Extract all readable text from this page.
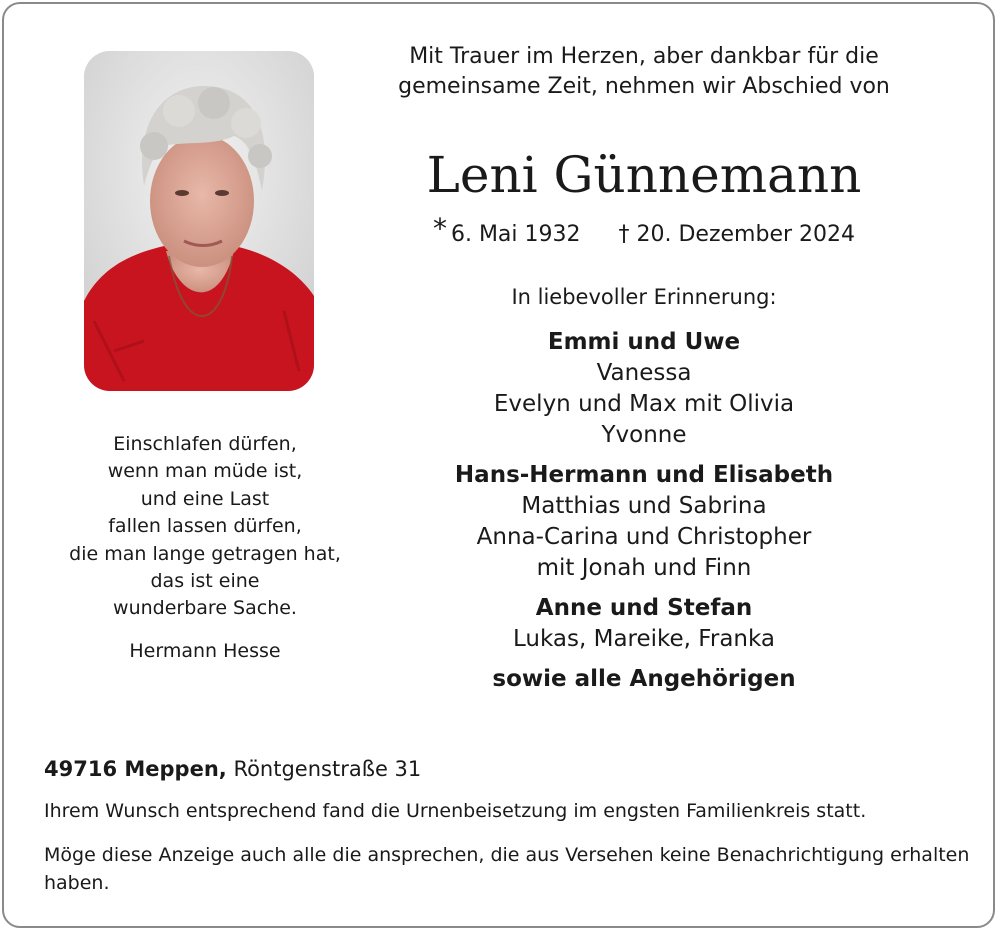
Mit Trauer im Herzen, aber dankbar für die
gemeinsame Zeit, nehmen wir Abschied von
Leni Günnemann
* 6. Mai 1932 † 20. Dezember 2024
In liebevoller Erinnerung:
Emmi und Uwe
Vanessa
Evelyn und Max mit Olivia
Yvonne
Hans-Hermann und Elisabeth
Matthias und Sabrina
Anna-Carina und Christopher
mit Jonah und Finn
Anne und Stefan
Lukas, Mareike, Franka
sowie alle Angehörigen
Einschlafen dürfen,
wenn man müde ist,
und eine Last
fallen lassen dürfen,
die man lange getragen hat,
das ist eine
wunderbare Sache.
Hermann Hesse
49716 Meppen, Röntgenstraße 31
Ihrem Wunsch entsprechend fand die Urnenbeisetzung im engsten Familienkreis statt.
Möge diese Anzeige auch alle die ansprechen, die aus Versehen keine Benachrichtigung erhalten haben.
